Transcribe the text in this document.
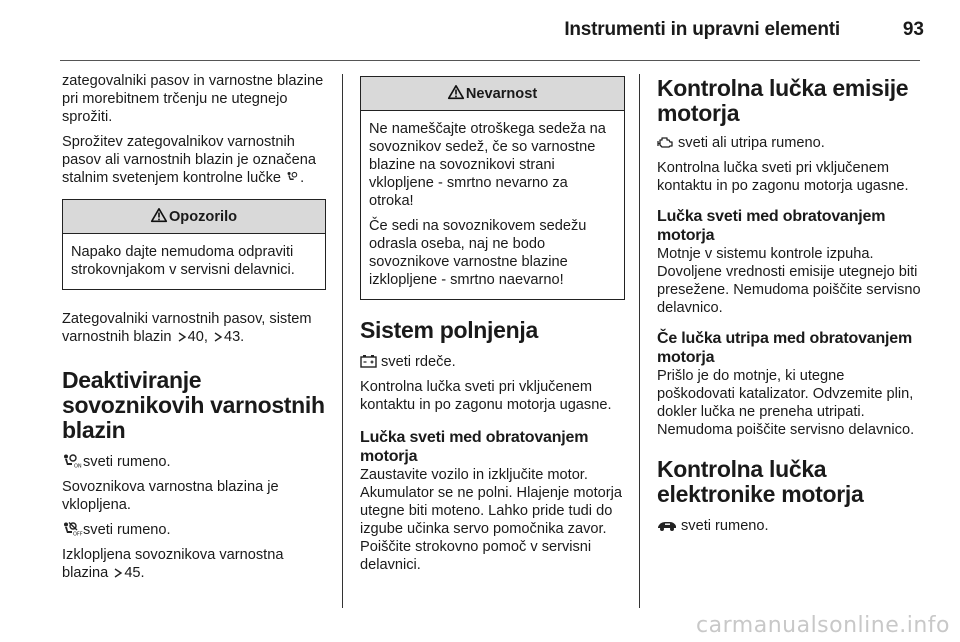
Instrumenti in upravni elementi	93

zategovalniki pasov in varnostne blazine pri morebitnem trčenju ne utegnejo sprožiti.

Sprožitev zategovalnikov varnostnih pasov ali varnostnih blazin je označena stalnim svetenjem kontrolne lučke .

Opozorilo

Napako dajte nemudoma odpraviti strokovnjakom v servisni delavnici.

Zategovalniki varnostnih pasov, sistem varnostnih blazin 40, 43.

Deaktiviranje sovoznikovih varnostnih blazin

ON sveti rumeno.

Sovoznikova varnostna blazina je vklopljena.

OFF sveti rumeno.

Izklopljena sovoznikova varnostna blazina 45.

Nevarnost

Ne nameščajte otroškega sedeža na sovoznikov sedež, če so varnostne blazine na sovoznikovi strani vklopljene - smrtno nevarno za otroka!

Če sedi na sovoznikovem sedežu odrasla oseba, naj ne bodo sovoznikove varnostne blazine izklopljene - smrtno naevarno!

Sistem polnjenja

sveti rdeče.

Kontrolna lučka sveti pri vključenem kontaktu in po zagonu motorja ugasne.

Lučka sveti med obratovanjem motorja

Zaustavite vozilo in izključite motor. Akumulator se ne polni. Hlajenje motorja utegne biti moteno. Lahko pride tudi do izgube učinka servo pomočnika zavor. Poiščite strokovno pomoč v servisni delavnici.

Kontrolna lučka emisije motorja

sveti ali utripa rumeno.

Kontrolna lučka sveti pri vključenem kontaktu in po zagonu motorja ugasne.

Lučka sveti med obratovanjem motorja

Motnje v sistemu kontrole izpuha. Dovoljene vrednosti emisije utegnejo biti presežene. Nemudoma poiščite servisno delavnico.

Če lučka utripa med obratovanjem motorja

Prišlo je do motnje, ki utegne poškodovati katalizator. Odvzemite plin, dokler lučka ne preneha utripati. Nemudoma poiščite servisno delavnico.

Kontrolna lučka elektronike motorja

sveti rumeno.

carmanualsonline.info
